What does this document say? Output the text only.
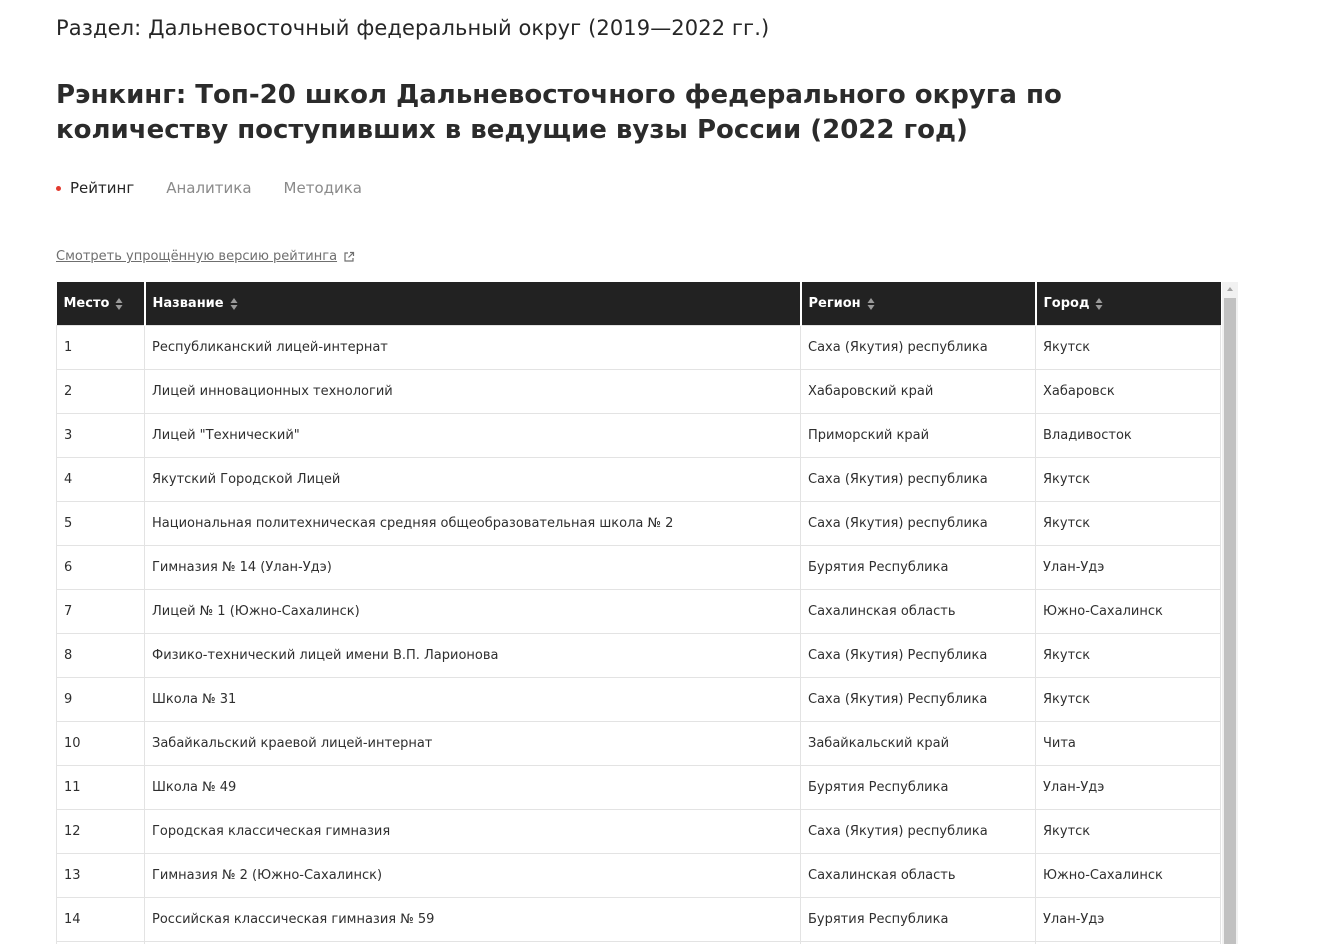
Раздел: Дальневосточный федеральный округ (2019—2022 гг.)
Рэнкинг: Топ-20 школ Дальневосточного федерального округа по количеству поступивших в ведущие вузы России (2022 год)
Рейтинг Аналитика Методика
Смотреть упрощённую версию рейтинга
Место	Название	Регион	Город
1	Республиканский лицей-интернат	Саха (Якутия) республика	Якутск
2	Лицей инновационных технологий	Хабаровский край	Хабаровск
3	Лицей "Технический"	Приморский край	Владивосток
4	Якутский Городской Лицей	Саха (Якутия) республика	Якутск
5	Национальная политехническая средняя общеобразовательная школа № 2	Саха (Якутия) республика	Якутск
6	Гимназия № 14 (Улан-Удэ)	Бурятия Республика	Улан-Удэ
7	Лицей № 1 (Южно-Сахалинск)	Сахалинская область	Южно-Сахалинск
8	Физико-технический лицей имени В.П. Ларионова	Саха (Якутия) Республика	Якутск
9	Школа № 31	Саха (Якутия) Республика	Якутск
10	Забайкальский краевой лицей-интернат	Забайкальский край	Чита
11	Школа № 49	Бурятия Республика	Улан-Удэ
12	Городская классическая гимназия	Саха (Якутия) республика	Якутск
13	Гимназия № 2 (Южно-Сахалинск)	Сахалинская область	Южно-Сахалинск
14	Российская классическая гимназия № 59	Бурятия Республика	Улан-Удэ
